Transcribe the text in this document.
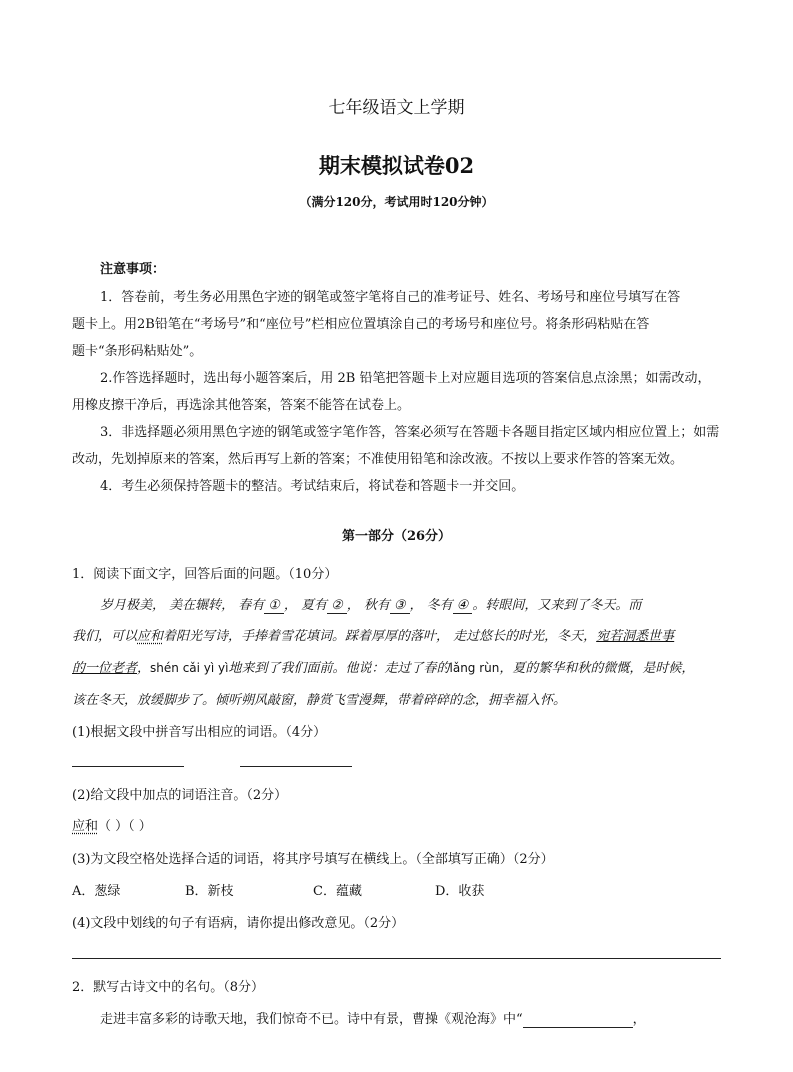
七年级语文上学期
期末模拟试卷02
（满分120分，考试用时120分钟）
注意事项：
1．答卷前，考生务必用黑色字迹的钢笔或签字笔将自己的准考证号、姓名、考场号和座位号填写在答
题卡上。用2B铅笔在“考场号”和“座位号”栏相应位置填涂自己的考场号和座位号。将条形码粘贴在答
题卡“条形码粘贴处”。
2.作答选择题时，选出每小题答案后，用 2B 铅笔把答题卡上对应题目选项的答案信息点涂黑；如需改动，
用橡皮擦干净后，再选涂其他答案，答案不能答在试卷上。
3．非选择题必须用黑色字迹的钢笔或签字笔作答，答案必须写在答题卡各题目指定区域内相应位置上；如需
改动，先划掉原来的答案，然后再写上新的答案；不准使用铅笔和涂改液。不按以上要求作答的答案无效。
4．考生必须保持答题卡的整洁。考试结束后，将试卷和答题卡一并交回。
第一部分（26分）
1．阅读下面文字，回答后面的问题。（10分）
岁月极美， 美在辗转， 春有 ① ， 夏有 ② ， 秋有 ③ ， 冬有 ④ 。转眼间，又来到了冬天。而
我们，可以应和着阳光写诗，手捧着雪花填词。踩着厚厚的落叶， 走过悠长的时光，冬天，宛若洞悉世事
的一位老者，shén cǎi yì yì地来到了我们面前。他说：走过了春的lǎng rùn，夏的繁华和秋的微慨，是时候，
该在冬天，放缓脚步了。倾听朔风敲窗，静赏飞雪漫舞，带着碎碎的念，拥幸福入怀。
(1)根据文段中拼音写出相应的词语。（4分）
(2)给文段中加点的词语注音。（2分）
应和（ ）（ ）
(3)为文段空格处选择合适的词语，将其序号填写在横线上。（全部填写正确）（2分）
A．葱绿	B．新枝	C．蕴藏	D．收获
(4)文段中划线的句子有语病，请你提出修改意见。（2分）
2．默写古诗文中的名句。（8分）
走进丰富多彩的诗歌天地，我们惊奇不已。诗中有景，曹操《观沧海》中“	，
